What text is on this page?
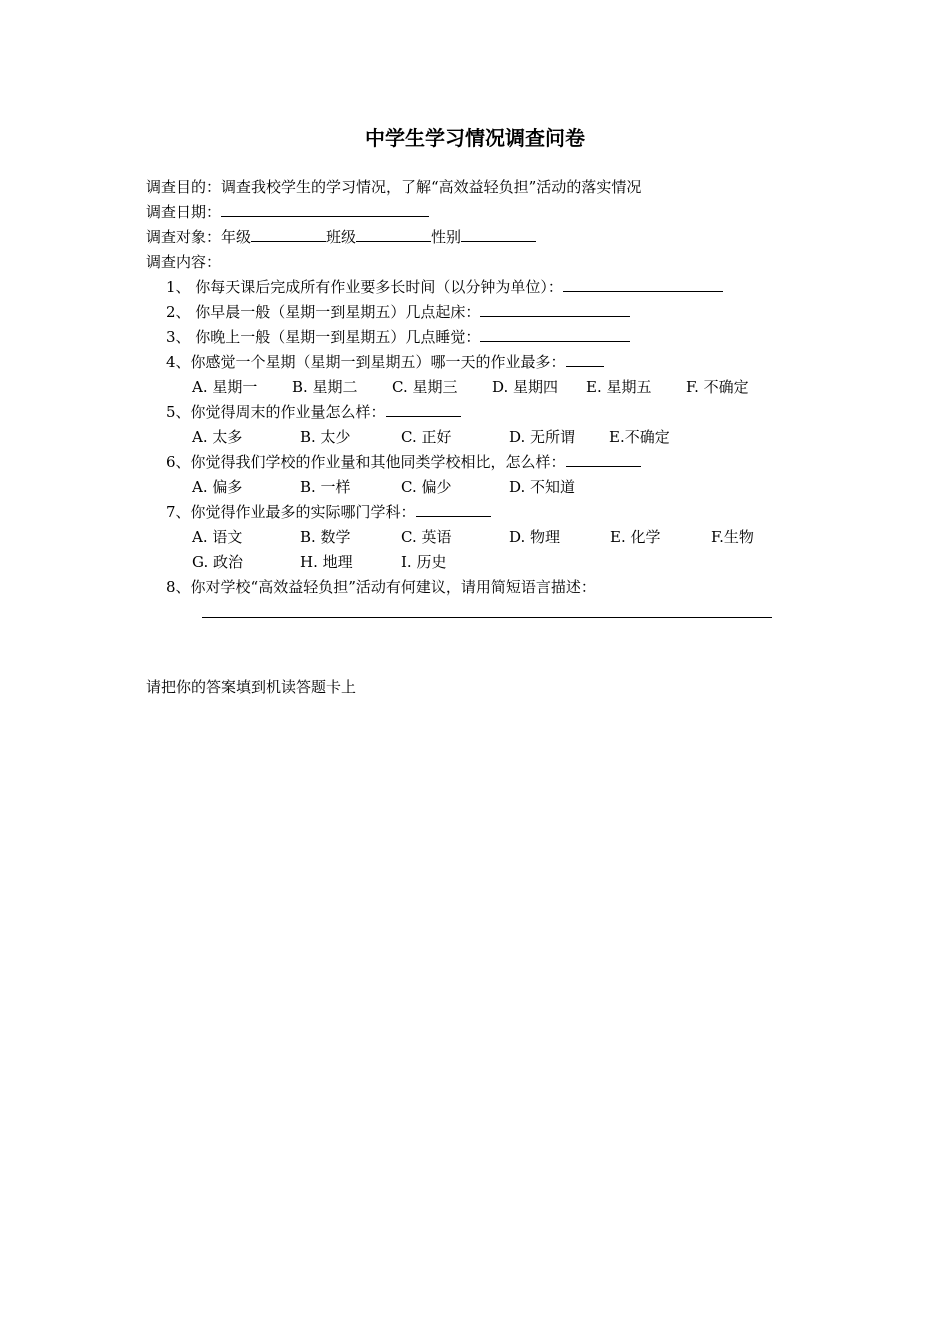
中学生学习情况调查问卷
调查目的：调查我校学生的学习情况，了解“高效益轻负担”活动的落实情况
调查日期：
调查对象：年级	班级	性别
调查内容：
1、 你每天课后完成所有作业要多长时间（以分钟为单位）：
2、 你早晨一般（星期一到星期五）几点起床：
3、 你晚上一般（星期一到星期五）几点睡觉：
4、你感觉一个星期（星期一到星期五）哪一天的作业最多：
A. 星期一 B. 星期二 C. 星期三 D. 星期四 E. 星期五 F. 不确定
5、你觉得周末的作业量怎么样：
A. 太多	B. 太少	C. 正好	D. 无所谓 E.不确定
6、你觉得我们学校的作业量和其他同类学校相比，怎么样：
A. 偏多	B. 一样	C. 偏少	D. 不知道
7、你觉得作业最多的实际哪门学科：
A. 语文	B. 数学	C. 英语	D. 物理	E. 化学	F.生物
G. 政治	H. 地理	I. 历史
8、你对学校“高效益轻负担”活动有何建议，请用简短语言描述：
请把你的答案填到机读答题卡上
